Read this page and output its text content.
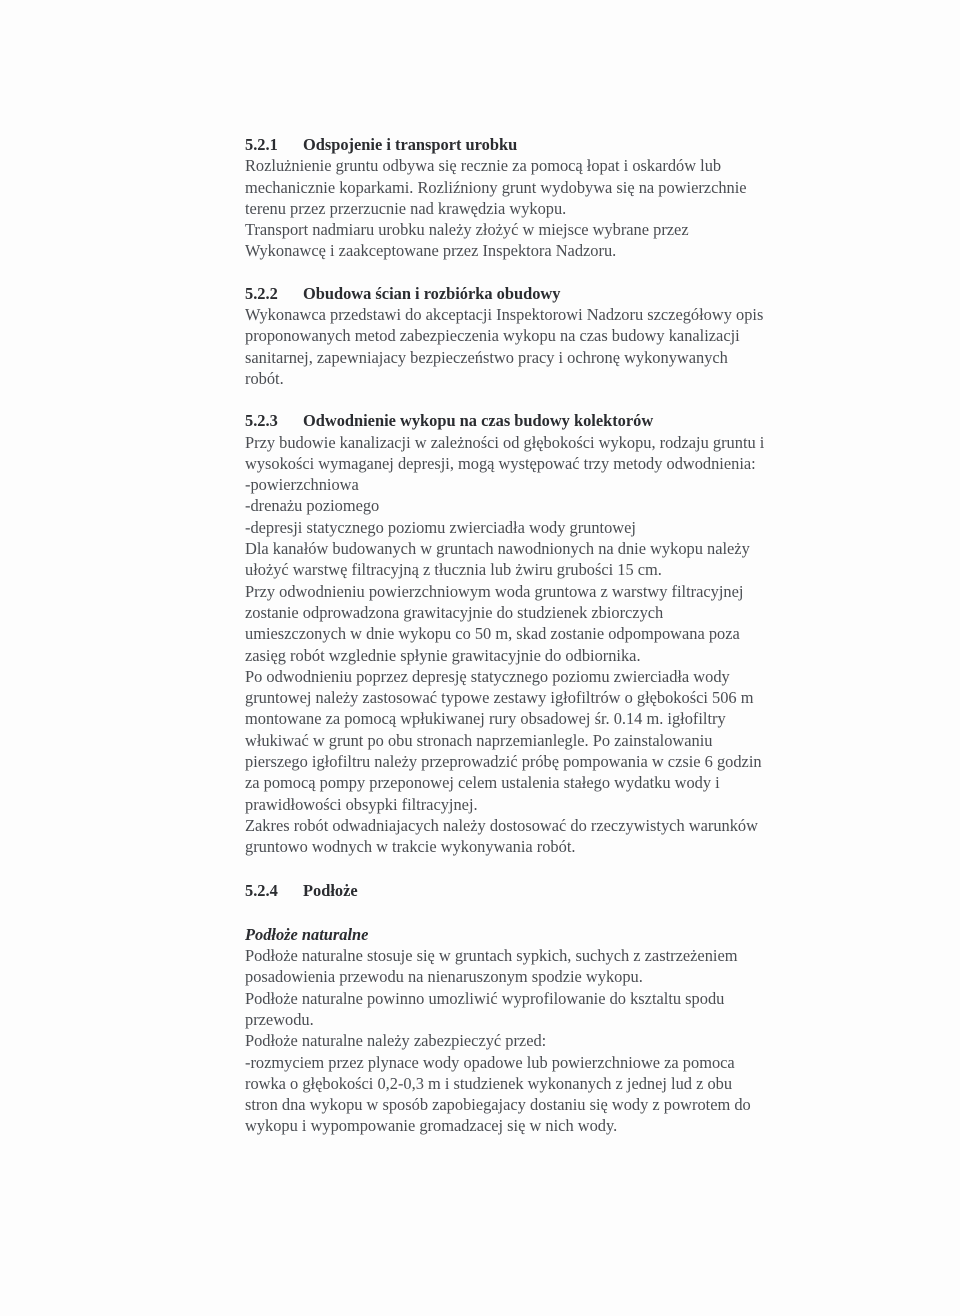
5.2.1 Odspojenie i transport urobku
Rozlużnienie gruntu odbywa się recznie za pomocą łopat i oskardów lub
mechanicznie koparkami. Rozliźniony grunt wydobywa się na powierzchnie
terenu przez przerzucnie nad krawędzia wykopu.
Transport nadmiaru urobku należy złożyć w miejsce wybrane przez
Wykonawcę i zaakceptowane przez Inspektora Nadzoru.
5.2.2 Obudowa ścian i rozbiórka obudowy
Wykonawca przedstawi do akceptacji Inspektorowi Nadzoru szczegółowy opis
proponowanych metod zabezpieczenia wykopu na czas budowy kanalizacji
sanitarnej, zapewniajacy bezpieczeństwo pracy i ochronę wykonywanych
robót.
5.2.3 Odwodnienie wykopu na czas budowy kolektorów
Przy budowie kanalizacji w zależności od głębokości wykopu, rodzaju gruntu i
wysokości wymaganej depresji, mogą występować trzy metody odwodnienia:
-powierzchniowa
-drenażu poziomego
-depresji statycznego poziomu zwierciadła wody gruntowej
Dla kanałów budowanych w gruntach nawodnionych na dnie wykopu należy
ułożyć warstwę filtracyjną z tłucznia lub żwiru grubości 15 cm.
Przy odwodnieniu powierzchniowym woda gruntowa z warstwy filtracyjnej
zostanie odprowadzona grawitacyjnie do studzienek zbiorczych
umieszczonych w dnie wykopu co 50 m, skad zostanie odpompowana poza
zasięg robót wzglednie spłynie grawitacyjnie do odbiornika.
Po odwodnieniu poprzez depresję statycznego poziomu zwierciadła wody
gruntowej należy zastosować typowe zestawy igłofiltrów o głębokości 506 m
montowane za pomocą wpłukiwanej rury obsadowej śr. 0.14 m. igłofiltry
włukiwać w grunt po obu stronach naprzemianlegle. Po zainstalowaniu
pierszego igłofiltru należy przeprowadzić próbę pompowania w czsie 6 godzin
za pomocą pompy przeponowej celem ustalenia stałego wydatku wody i
prawidłowości obsypki filtracyjnej.
Zakres robót odwadniajacych należy dostosować do rzeczywistych warunków
gruntowo wodnych w trakcie wykonywania robót.
5.2.4 Podłoże
Podłoże naturalne
Podłoże naturalne stosuje się w gruntach sypkich, suchych z zastrzeżeniem
posadowienia przewodu na nienaruszonym spodzie wykopu.
Podłoże naturalne powinno umozliwić wyprofilowanie do ksztaltu spodu
przewodu.
Podłoże naturalne należy zabezpieczyć przed:
-rozmyciem przez plynace wody opadowe lub powierzchniowe za pomoca
rowka o głębokości 0,2-0,3 m i studzienek wykonanych z jednej lud z obu
stron dna wykopu w sposób zapobiegajacy dostaniu się wody z powrotem do
wykopu i wypompowanie gromadzacej się w nich wody.
